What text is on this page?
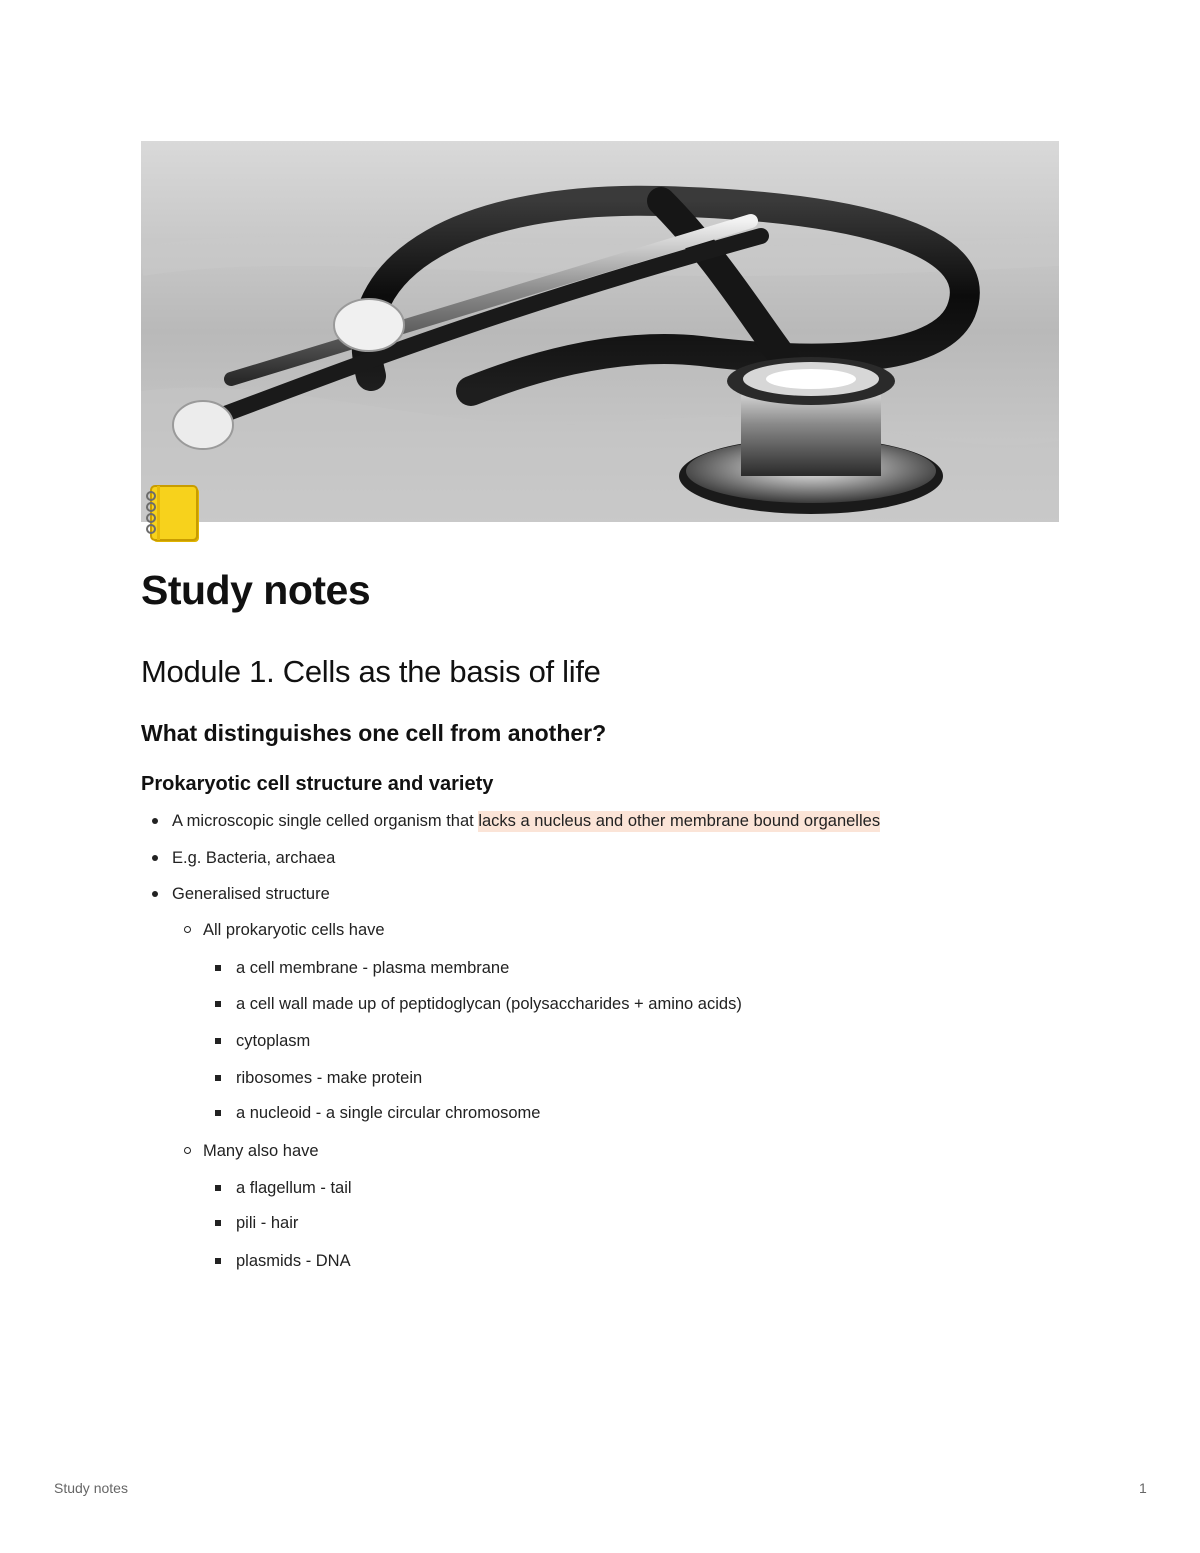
Study notes
Module 1. Cells as the basis of life
What distinguishes one cell from another?
Prokaryotic cell structure and variety
A microscopic single celled organism that lacks a nucleus and other membrane bound organelles
E.g. Bacteria, archaea
Generalised structure
All prokaryotic cells have
a cell membrane - plasma membrane
a cell wall made up of peptidoglycan (polysaccharides + amino acids)
cytoplasm
ribosomes - make protein
a nucleoid - a single circular chromosome
Many also have
a flagellum - tail
pili - hair
plasmids - DNA
Study notes	1
